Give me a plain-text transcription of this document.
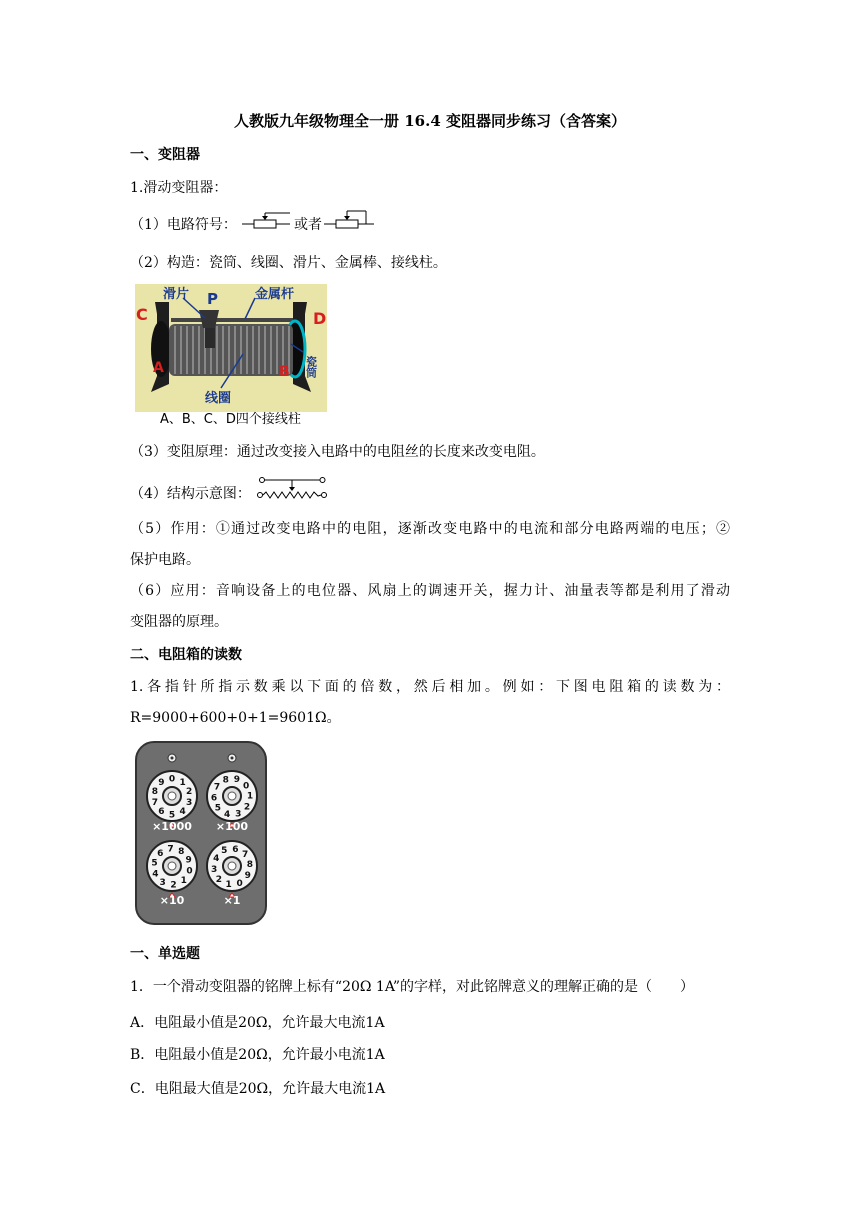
人教版九年级物理全一册 16.4 变阻器同步练习（含答案）
一、变阻器
1.滑动变阻器：
（1）电路符号：	或者
（2）构造：瓷筒、线圈、滑片、金属棒、接线柱。
滑片 P	金属杆
C	D
A	B 瓷筒
线圈
A、B、C、D四个接线柱
（3）变阻原理：通过改变接入电路中的电阻丝的长度来改变电阻。
（4）结构示意图：
（5）作用：①通过改变电路中的电阻，逐渐改变电路中的电流和部分电路两端的电压；②
保护电路。
（6）应用：音响设备上的电位器、风扇上的调速开关，握力计、油量表等都是利用了滑动
变阻器的原理。
二、电阻箱的读数
1.各指针所指示数乘以下面的倍数，然后相加。例如：下图电阻箱的读数为：
R=9000+600+0+1=9601Ω。
0 1
2
3
4
5
6
7
8
9
×1000
0
1
2
3
4
5
6
7
8 9
×100
0
1
2
3
4
5
6 7 8
9
×10
0
1
2
3
4
5 6
7
8
9
×1
一、单选题
1．一个滑动变阻器的铭牌上标有“20Ω 1A”的字样，对此铭牌意义的理解正确的是（　　）
A．电阻最小值是20Ω，允许最大电流1A
B．电阻最小值是20Ω，允许最小电流1A
C．电阻最大值是20Ω，允许最大电流1A
